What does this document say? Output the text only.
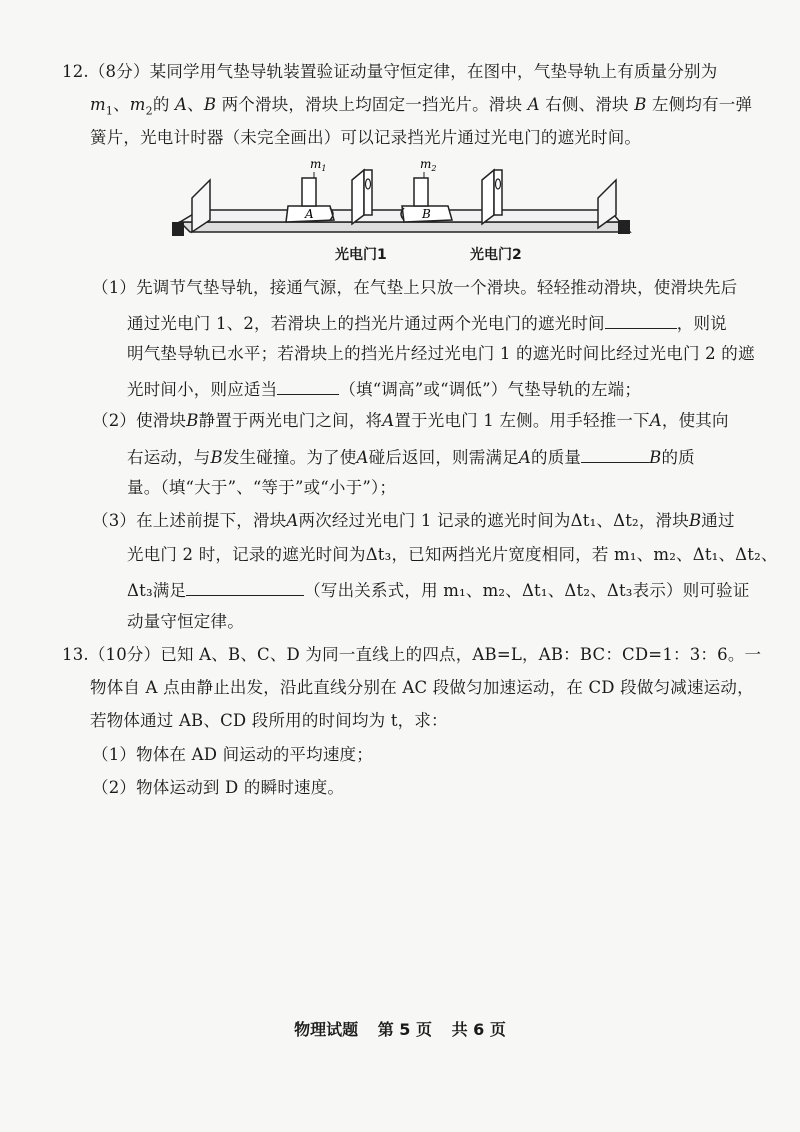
12.（8分）某同学用气垫导轨装置验证动量守恒定律，在图中，气垫导轨上有质量分别为
$m_1$、$m_2$的 A、B 两个滑块，滑块上均固定一挡光片。滑块 A 右侧、滑块 B 左侧均有一弹
簧片，光电计时器（未完全画出）可以记录挡光片通过光电门的遮光时间。
A
$m_1$
B
$m_2$
光电门1	光电门2
（1）先调节气垫导轨，接通气源，在气垫上只放一个滑块。轻轻推动滑块，使滑块先后
通过光电门 1、2，若滑块上的挡光片通过两个光电门的遮光时间	，则说
明气垫导轨已水平；若滑块上的挡光片经过光电门 1 的遮光时间比经过光电门 2 的遮
光时间小，则应适当	（填“调高”或“调低”）气垫导轨的左端；
（2）使滑块B静置于两光电门之间，将A置于光电门 1 左侧。用手轻推一下A，使其向
右运动，与B发生碰撞。为了使A碰后返回，则需满足A的质量	B的质
量。（填“大于”、“等于”或“小于”）；
（3）在上述前提下，滑块A两次经过光电门 1 记录的遮光时间为Δt₁、Δt₂，滑块B通过
光电门 2 时，记录的遮光时间为Δt₃，已知两挡光片宽度相同，若 m₁、m₂、Δt₁、Δt₂、
Δt₃满足	（写出关系式，用 m₁、m₂、Δt₁、Δt₂、Δt₃表示）则可验证
动量守恒定律。
13.（10分）已知 A、B、C、D 为同一直线上的四点，AB=L，AB：BC：CD=1：3：6。一
物体自 A 点由静止出发，沿此直线分别在 AC 段做匀加速运动，在 CD 段做匀减速运动，
若物体通过 AB、CD 段所用的时间均为 t，求：
（1）物体在 AD 间运动的平均速度；
（2）物体运动到 D 的瞬时速度。
物理试题 第 5 页 共 6 页
